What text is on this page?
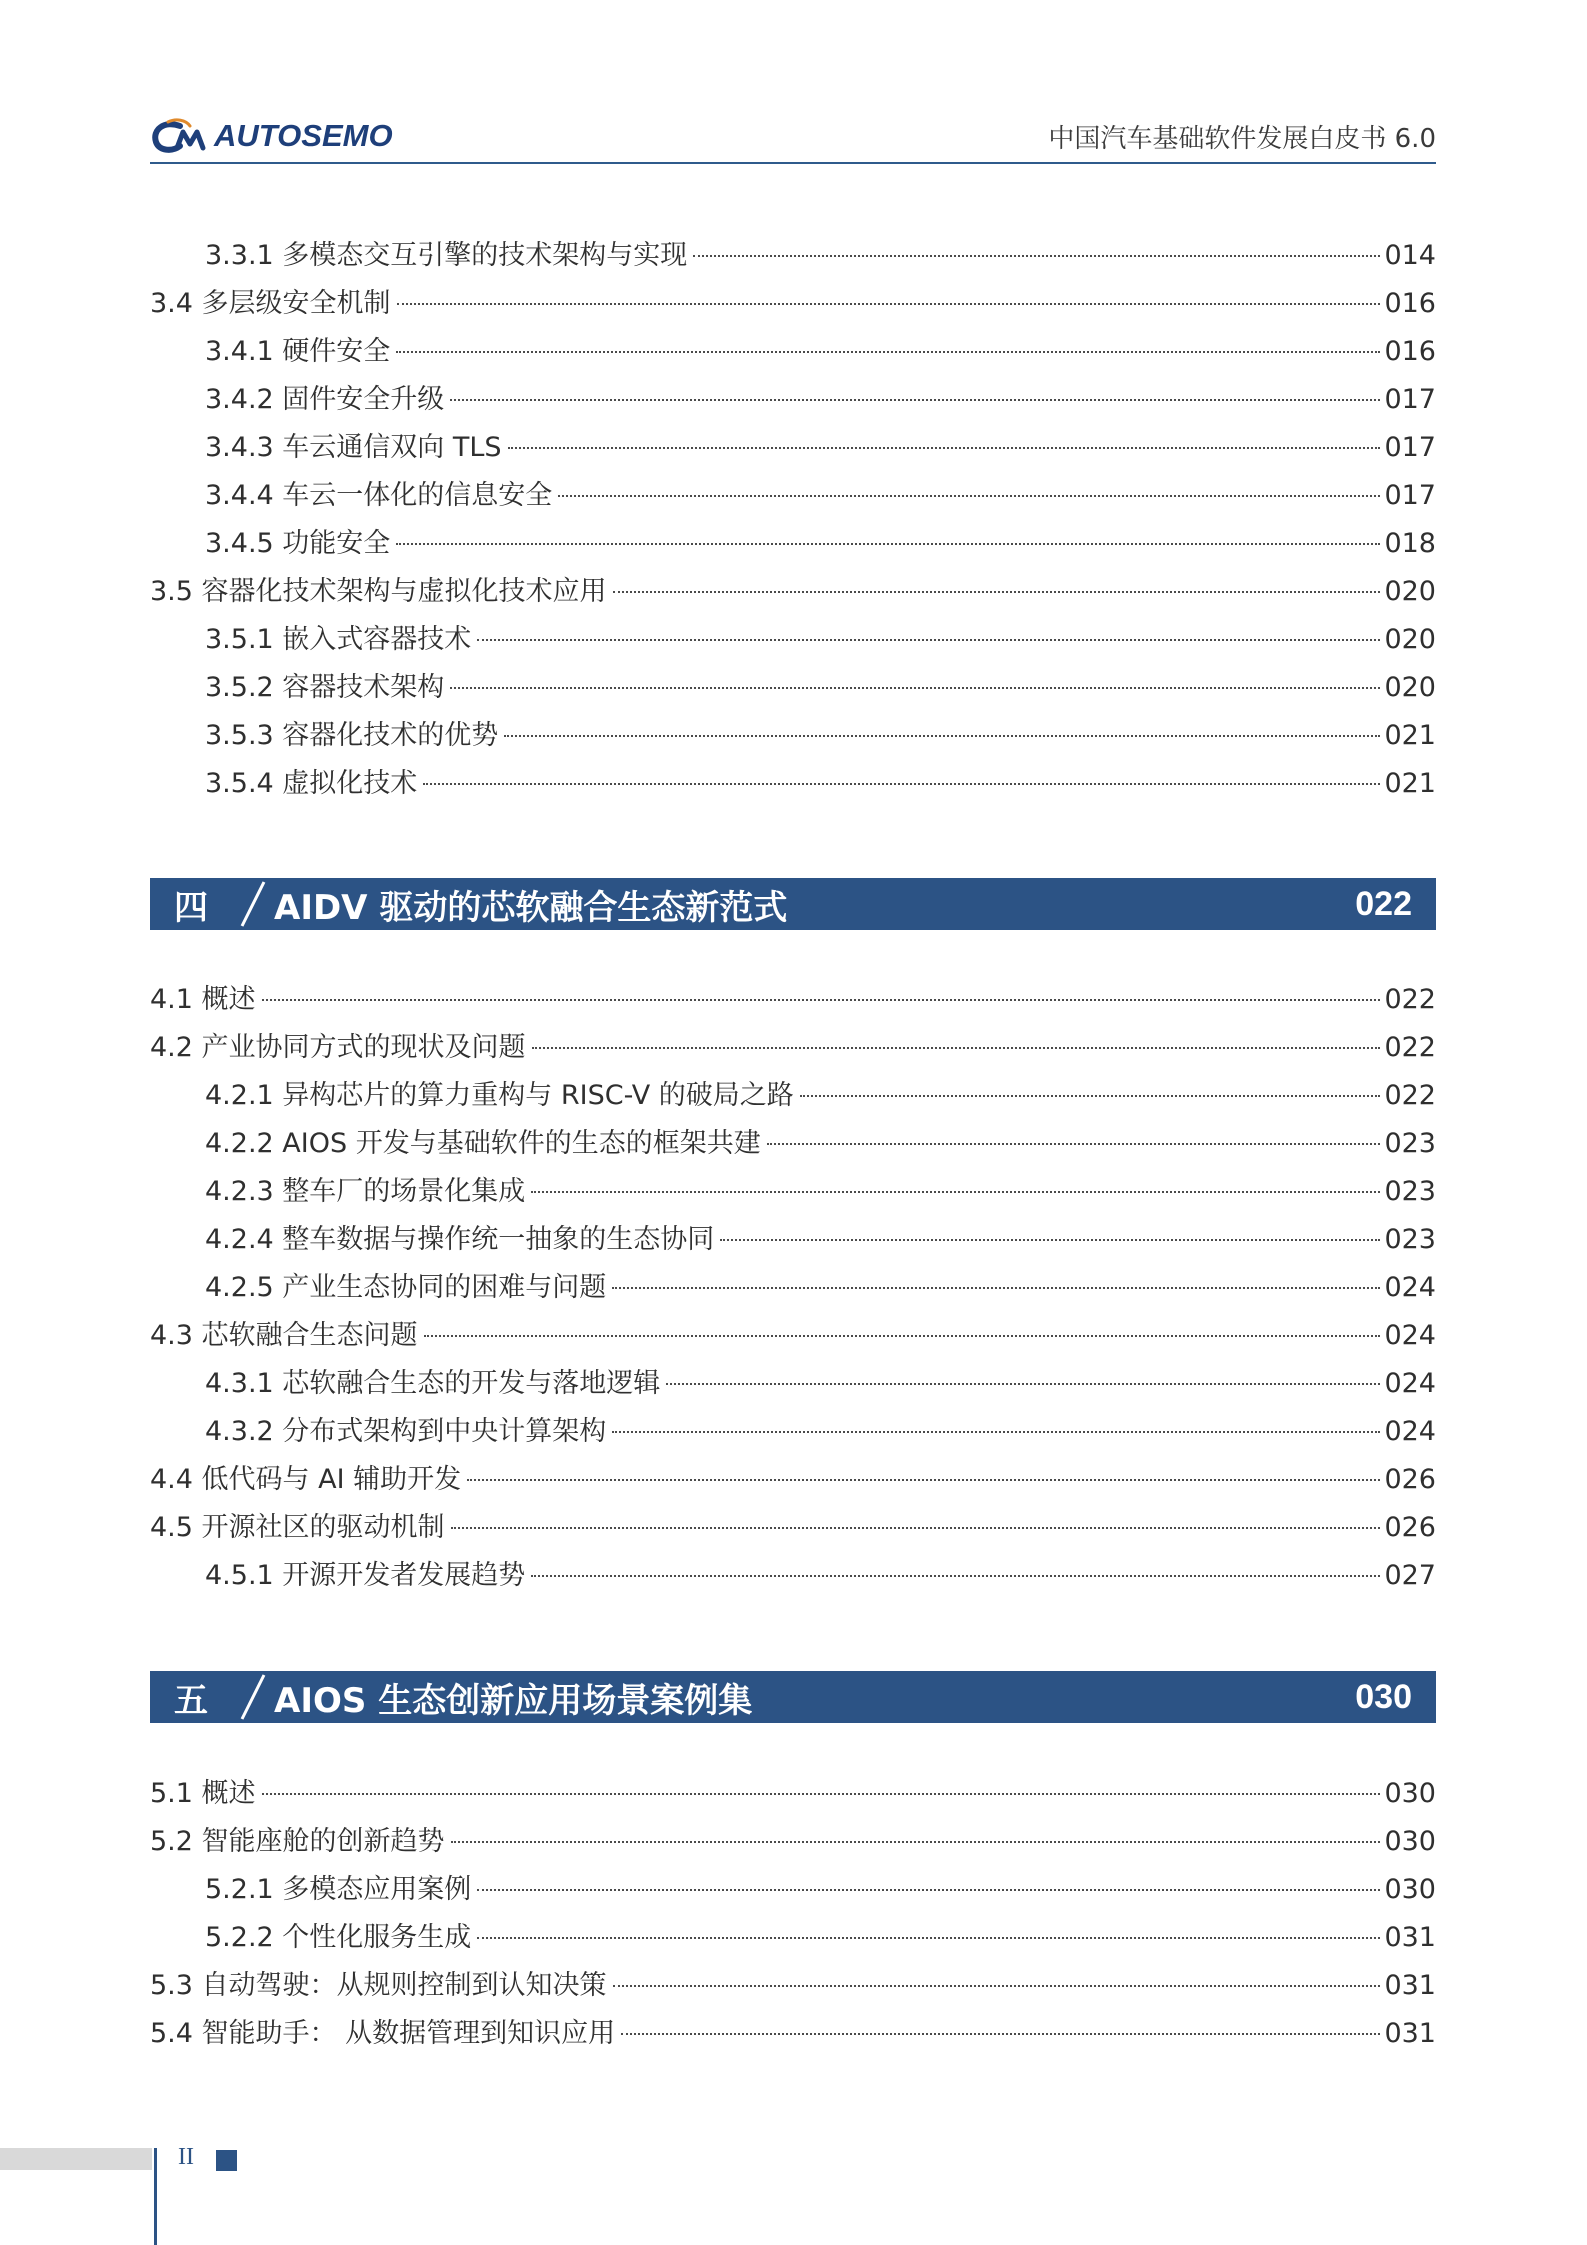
AUTOSEMO	中国汽车基础软件发展白皮书 6.0
3.3.1 多模态交互引擎的技术架构与实现	014
3.4 多层级安全机制	016
3.4.1 硬件安全	016
3.4.2 固件安全升级	017
3.4.3 车云通信双向 TLS	017
3.4.4 车云一体化的信息安全	017
3.4.5 功能安全	018
3.5 容器化技术架构与虚拟化技术应用	020
3.5.1 嵌入式容器技术	020
3.5.2 容器技术架构	020
3.5.3 容器化技术的优势	021
3.5.4 虚拟化技术	021
四	AIDV 驱动的芯软融合生态新范式	022
4.1 概述	022
4.2 产业协同方式的现状及问题	022
4.2.1 异构芯片的算力重构与 RISC-V 的破局之路	022
4.2.2 AIOS 开发与基础软件的生态的框架共建	023
4.2.3 整车厂的场景化集成	023
4.2.4 整车数据与操作统一抽象的生态协同	023
4.2.5 产业生态协同的困难与问题	024
4.3 芯软融合生态问题	024
4.3.1 芯软融合生态的开发与落地逻辑	024
4.3.2 分布式架构到中央计算架构	024
4.4 低代码与 AI 辅助开发	026
4.5 开源社区的驱动机制	026
4.5.1 开源开发者发展趋势	027
五	AIOS 生态创新应用场景案例集	030
5.1 概述	030
5.2 智能座舱的创新趋势	030
5.2.1 多模态应用案例	030
5.2.2 个性化服务生成	031
5.3 自动驾驶：从规则控制到认知决策	031
5.4 智能助手： 从数据管理到知识应用	031
II
